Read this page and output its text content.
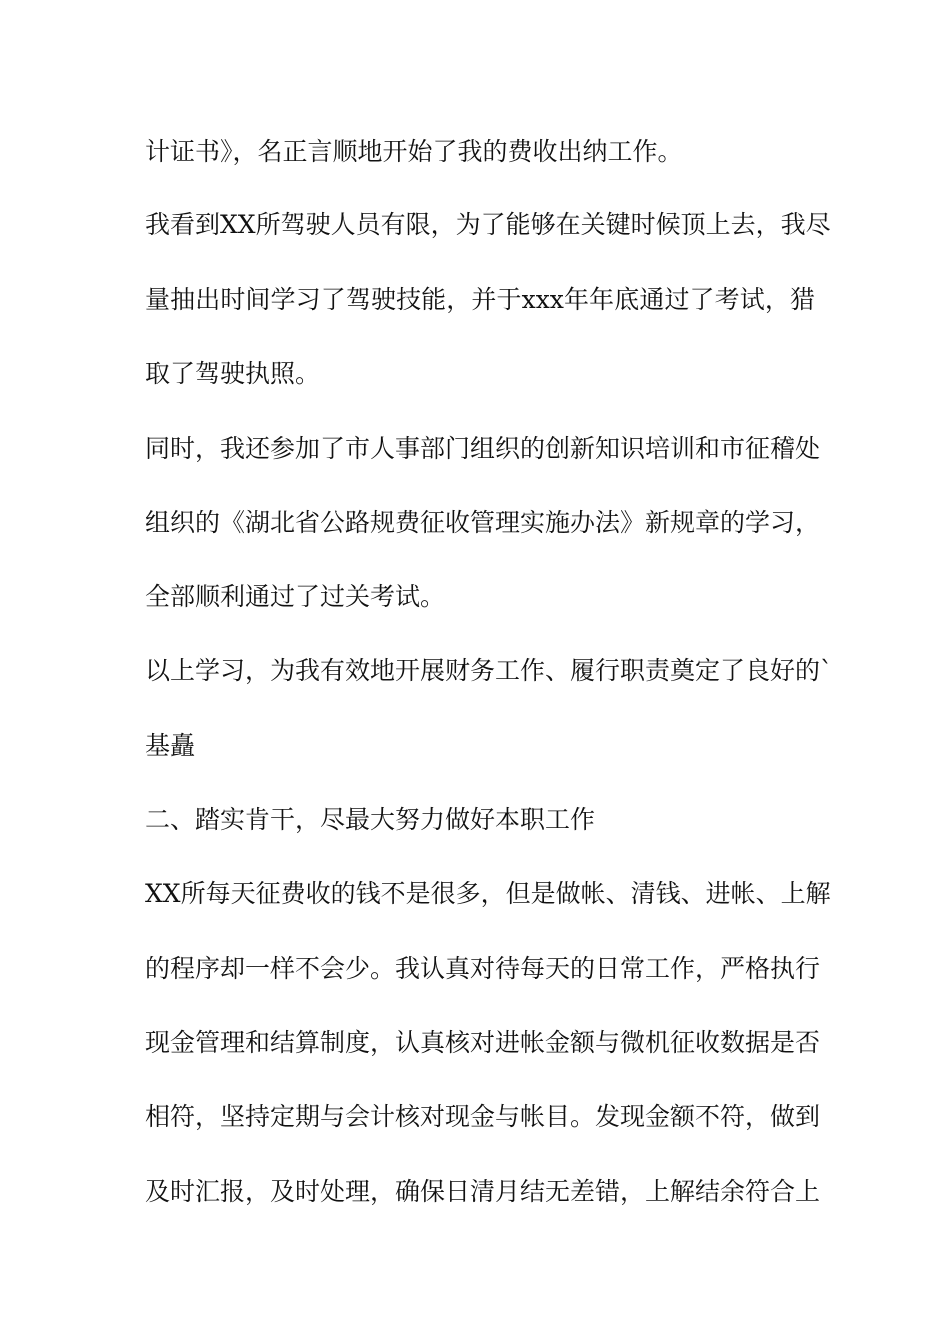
计证书》，名正言顺地开始了我的费收出纳工作。
我看到XX所驾驶人员有限，为了能够在关键时候顶上去，我尽
量抽出时间学习了驾驶技能，并于xxx年年底通过了考试，猎
取了驾驶执照。
同时，我还参加了市人事部门组织的创新知识培训和市征稽处
组织的《湖北省公路规费征收管理实施办法》新规章的学习，
全部顺利通过了过关考试。
以上学习，为我有效地开展财务工作、履行职责奠定了良好的`
基矗
二、踏实肯干，尽最大努力做好本职工作
XX所每天征费收的钱不是很多，但是做帐、清钱、进帐、上解
的程序却一样不会少。我认真对待每天的日常工作，严格执行
现金管理和结算制度，认真核对进帐金额与微机征收数据是否
相符，坚持定期与会计核对现金与帐目。发现金额不符，做到
及时汇报，及时处理，确保日清月结无差错，上解结余符合上
